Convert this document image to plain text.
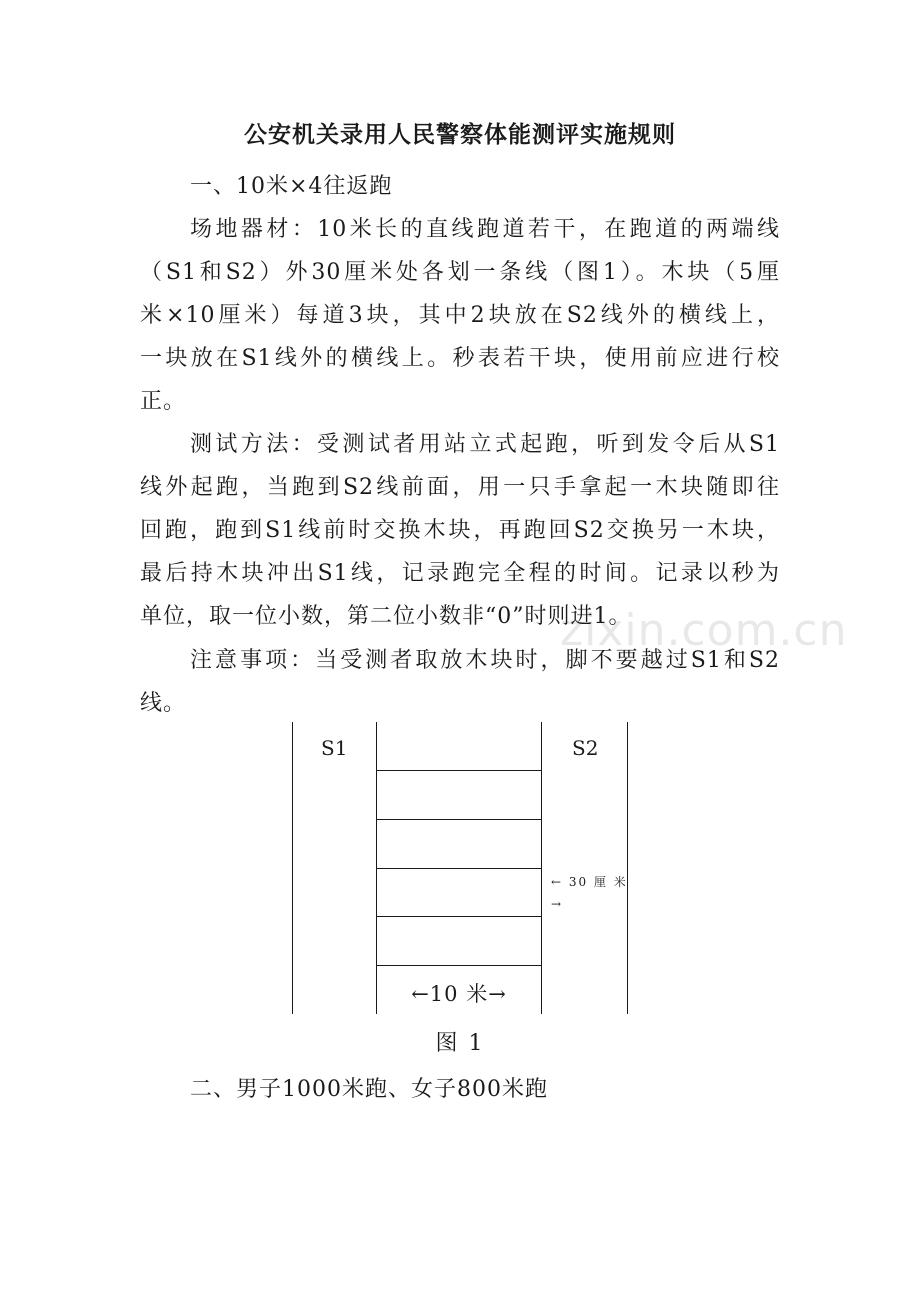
zixin.com.cn
公安机关录用人民警察体能测评实施规则
一、10米×4往返跑
场地器材：10米长的直线跑道若干，在跑道的两端线
（S1和S2）外30厘米处各划一条线（图1）。木块（5厘
米×10厘米）每道3块，其中2块放在S2线外的横线上，
一块放在S1线外的横线上。秒表若干块，使用前应进行校
正。
测试方法：受测试者用站立式起跑，听到发令后从S1
线外起跑，当跑到S2线前面，用一只手拿起一木块随即往
回跑，跑到S1线前时交换木块，再跑回S2交换另一木块，
最后持木块冲出S1线，记录跑完全程的时间。记录以秒为
单位，取一位小数，第二位小数非“0”时则进1。
注意事项：当受测者取放木块时，脚不要越过S1和S2
线。
S1	S2
← 30 厘 米
→
←10 米→
图 1
二、男子1000米跑、女子800米跑
